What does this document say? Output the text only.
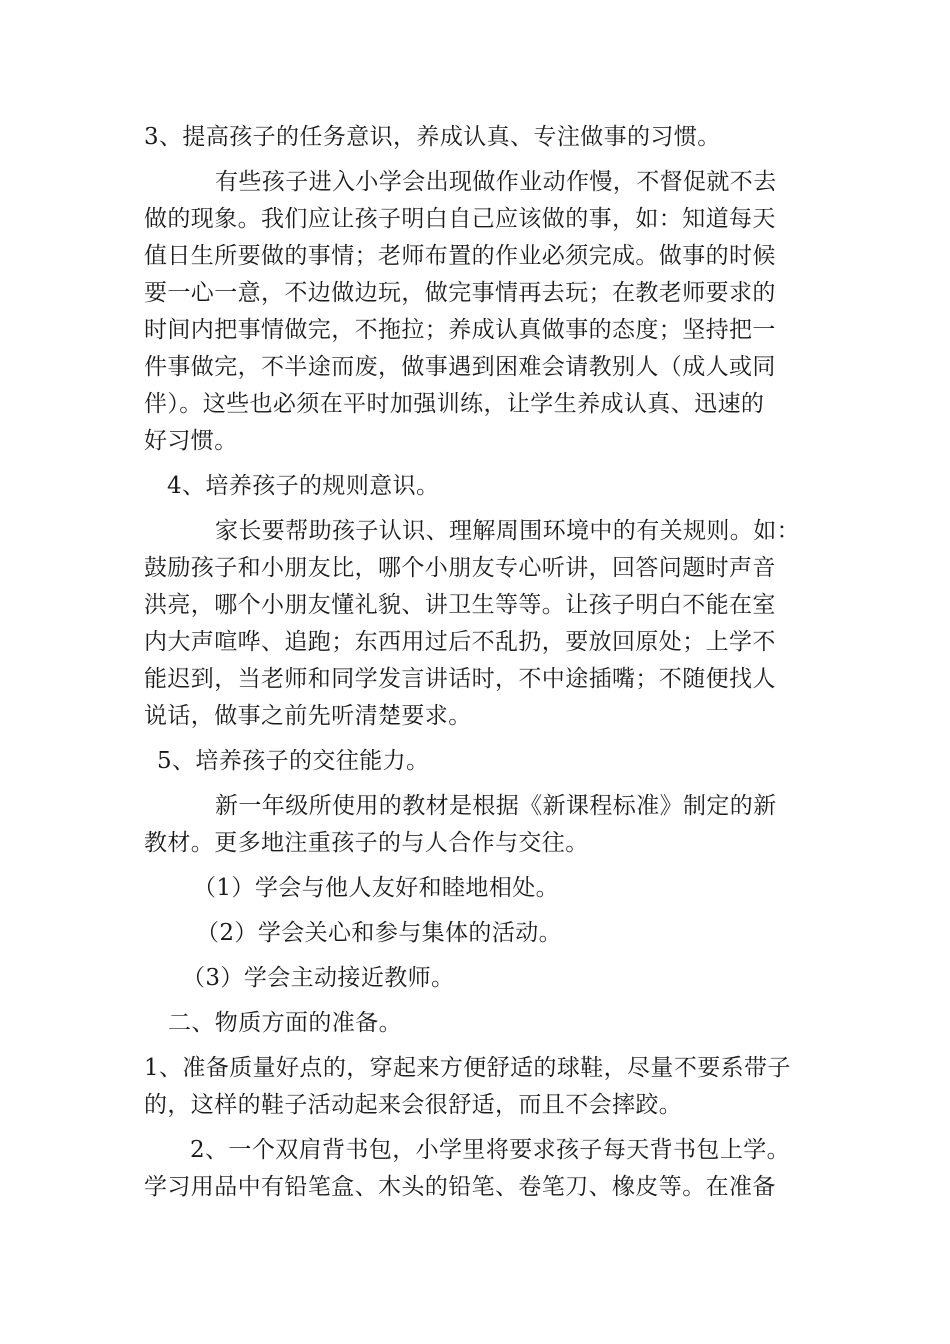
3、提高孩子的任务意识，养成认真、专注做事的习惯。
有些孩子进入小学会出现做作业动作慢，不督促就不去
做的现象。我们应让孩子明白自己应该做的事，如：知道每天
值日生所要做的事情；老师布置的作业必须完成。做事的时候
要一心一意，不边做边玩，做完事情再去玩；在教老师要求的
时间内把事情做完，不拖拉；养成认真做事的态度；坚持把一
件事做完，不半途而废，做事遇到困难会请教别人（成人或同
伴）。这些也必须在平时加强训练，让学生养成认真、迅速的
好习惯。
4、培养孩子的规则意识。
家长要帮助孩子认识、理解周围环境中的有关规则。如：
鼓励孩子和小朋友比，哪个小朋友专心听讲，回答问题时声音
洪亮，哪个小朋友懂礼貌、讲卫生等等。让孩子明白不能在室
内大声喧哗、追跑；东西用过后不乱扔，要放回原处；上学不
能迟到，当老师和同学发言讲话时，不中途插嘴；不随便找人
说话，做事之前先听清楚要求。
5、培养孩子的交往能力。
新一年级所使用的教材是根据《新课程标准》制定的新
教材。更多地注重孩子的与人合作与交往。
（1）学会与他人友好和睦地相处。
（2）学会关心和参与集体的活动。
（3）学会主动接近教师。
二、物质方面的准备。
1、准备质量好点的，穿起来方便舒适的球鞋，尽量不要系带子
的，这样的鞋子活动起来会很舒适，而且不会摔跤。
2、一个双肩背书包，小学里将要求孩子每天背书包上学。
学习用品中有铅笔盒、木头的铅笔、卷笔刀、橡皮等。在准备
